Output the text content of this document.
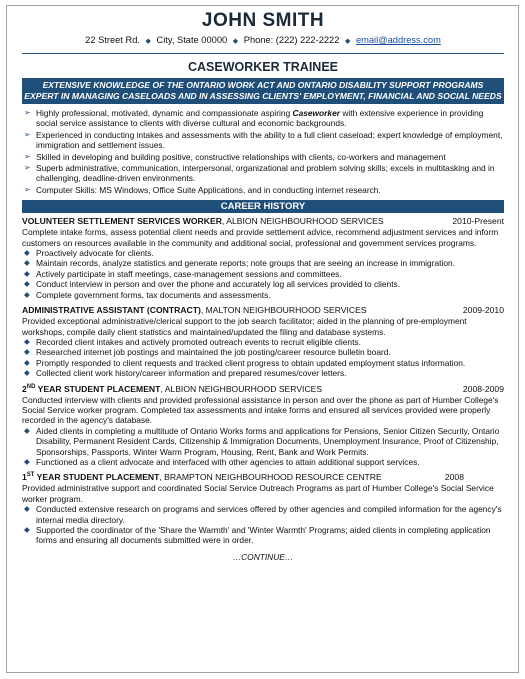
JOHN SMITH
22 Street Rd. ◆ City, State 00000 ◆ Phone: (222) 222-2222 ◆ email@address.com
CASEWORKER TRAINEE
EXTENSIVE KNOWLEDGE OF THE ONTARIO WORK ACT AND ONTARIO DISABILITY SUPPORT PROGRAMS
EXPERT IN MANAGING CASELOADS AND IN ASSESSING CLIENTS' EMPLOYMENT, FINANCIAL AND SOCIAL NEEDS
➢ Highly professional, motivated, dynamic and compassionate aspiring Caseworker with extensive experience in providing social service assistance to clients with diverse cultural and economic backgrounds.
➢ Experienced in conducting intakes and assessments with the ability to a full client caseload; expert knowledge of employment, immigration and settlement issues.
➢ Skilled in developing and building positive, constructive relationships with clients, co-workers and management
➢ Superb administrative, communication, interpersonal, organizational and problem solving skills; excels in multitasking and in challenging, deadline-driven environments.
➢ Computer Skills: MS Windows, Office Suite Applications, and in conducting internet research.
CAREER HISTORY
VOLUNTEER SETTLEMENT SERVICES WORKER, ALBION NEIGHBOURHOOD SERVICES	2010-Present
Complete intake forms, assess potential client needs and provide settlement advice, recommend adjustment services and inform customers on resources available in the community and additional social, professional and government services programs.
◆ Proactively advocate for clients.
◆ Maintain records, analyze statistics and generate reports; note groups that are seeing an increase in immigration.
◆ Actively participate in staff meetings, case-management sessions and committees.
◆ Conduct interview in person and over the phone and accurately log all services provided to clients.
◆ Complete government forms, tax documents and assessments.
ADMINISTRATIVE ASSISTANT (CONTRACT), MALTON NEIGHBOURHOOD SERVICES	2009-2010
Provided exceptional administrative/clerical support to the job search facilitator; aided in the planning of pre-employment workshops, compile daily client statistics and maintained/updated the filing and database systems.
◆ Recorded client intakes and actively promoted outreach events to recruit eligible clients.
◆ Researched internet job postings and maintained the job posting/career resource bulletin board.
◆ Promptly responded to client requests and tracked client progress to obtain updated employment status information.
◆ Collected client work history/career information and prepared resumes/cover letters.
2ND YEAR STUDENT PLACEMENT, ALBION NEIGHBOURHOOD SERVICES	2008-2009
Conducted interview with clients and provided professional assistance in person and over the phone as part of Humber College's Social Service worker program. Completed tax assessments and intake forms and ensured all services provided were properly recorded in the agency's database.
◆ Aided clients in completing a multitude of Ontario Works forms and applications for Pensions, Senior Citizen Security, Ontario Disability, Permanent Resident Cards, Citizenship & Immigration Documents, Unemployment Insurance, Proof of Citizenship, Sponsorships, Passports, Winter Warm Program, Housing, Rent, Bank and Work Permits.
◆ Functioned as a client advocate and interfaced with other agencies to attain additional support services.
1ST YEAR STUDENT PLACEMENT, BRAMPTON NEIGHBOURHOOD RESOURCE CENTRE	2008
Provided administrative support and coordinated Social Service Outreach Programs as part of Humber College's Social Service worker program.
◆ Conducted extensive research on programs and services offered by other agencies and compiled information for the agency's internal media directory.
◆ Supported the coordinator of the 'Share the Warmth' and 'Winter Warmth' Programs; aided clients in completing application forms and ensuring all documents submitted were in order.
…CONTINUE…
